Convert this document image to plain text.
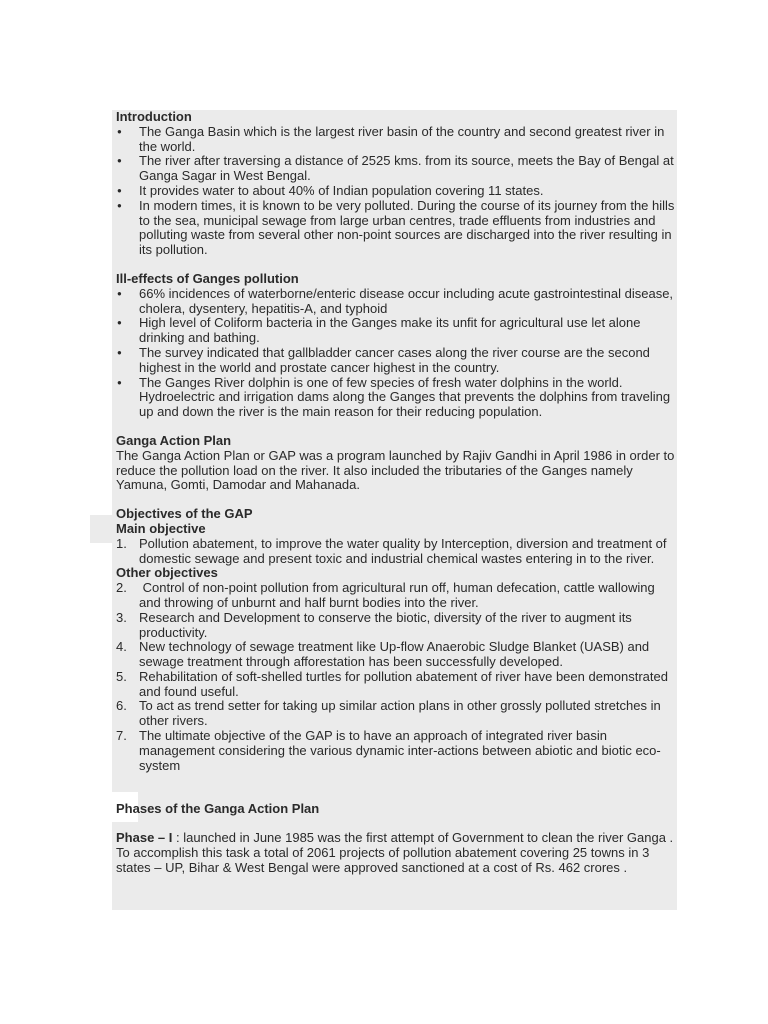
Introduction
● The Ganga Basin which is the largest river basin of the country and second greatest river in the world.
● The river after traversing a distance of 2525 kms. from its source, meets the Bay of Bengal at Ganga Sagar in West Bengal.
● It provides water to about 40% of Indian population covering 11 states.
● In modern times, it is known to be very polluted. During the course of its journey from the hills to the sea, municipal sewage from large urban centres, trade effluents from industries and polluting waste from several other non-point sources are discharged into the river resulting in its pollution.
Ill-effects of Ganges pollution
● 66% incidences of waterborne/enteric disease occur including acute gastrointestinal disease, cholera, dysentery, hepatitis-A, and typhoid
● High level of Coliform bacteria in the Ganges make its unfit for agricultural use let alone drinking and bathing.
● The survey indicated that gallbladder cancer cases along the river course are the second highest in the world and prostate cancer highest in the country.
● The Ganges River dolphin is one of few species of fresh water dolphins in the world. Hydroelectric and irrigation dams along the Ganges that prevents the dolphins from traveling up and down the river is the main reason for their reducing population.
Ganga Action Plan

The Ganga Action Plan or GAP was a program launched by Rajiv Gandhi in April 1986 in order to reduce the pollution load on the river. It also included the tributaries of the Ganges namely Yamuna, Gomti, Damodar and Mahanada.

Objectives of the GAP
Main objective
1. Pollution abatement, to improve the water quality by Interception, diversion and treatment of domestic sewage and present toxic and industrial chemical wastes entering in to the river.
Other objectives
2. Control of non-point pollution from agricultural run off, human defecation, cattle wallowing and throwing of unburnt and half burnt bodies into the river.
3. Research and Development to conserve the biotic, diversity of the river to augment its productivity.
4. New technology of sewage treatment like Up-flow Anaerobic Sludge Blanket (UASB) and sewage treatment through afforestation has been successfully developed.
5. Rehabilitation of soft-shelled turtles for pollution abatement of river have been demonstrated and found useful.
6. To act as trend setter for taking up similar action plans in other grossly polluted stretches in other rivers.
7. The ultimate objective of the GAP is to have an approach of integrated river basin management considering the various dynamic inter-actions between abiotic and biotic eco-system
Phases of the Ganga Action Plan

Phase – I : launched in June 1985 was the first attempt of Government to clean the river Ganga . To accomplish this task a total of 2061 projects of pollution abatement covering 25 towns in 3 states – UP, Bihar & West Bengal were approved sanctioned at a cost of Rs. 462 crores .
